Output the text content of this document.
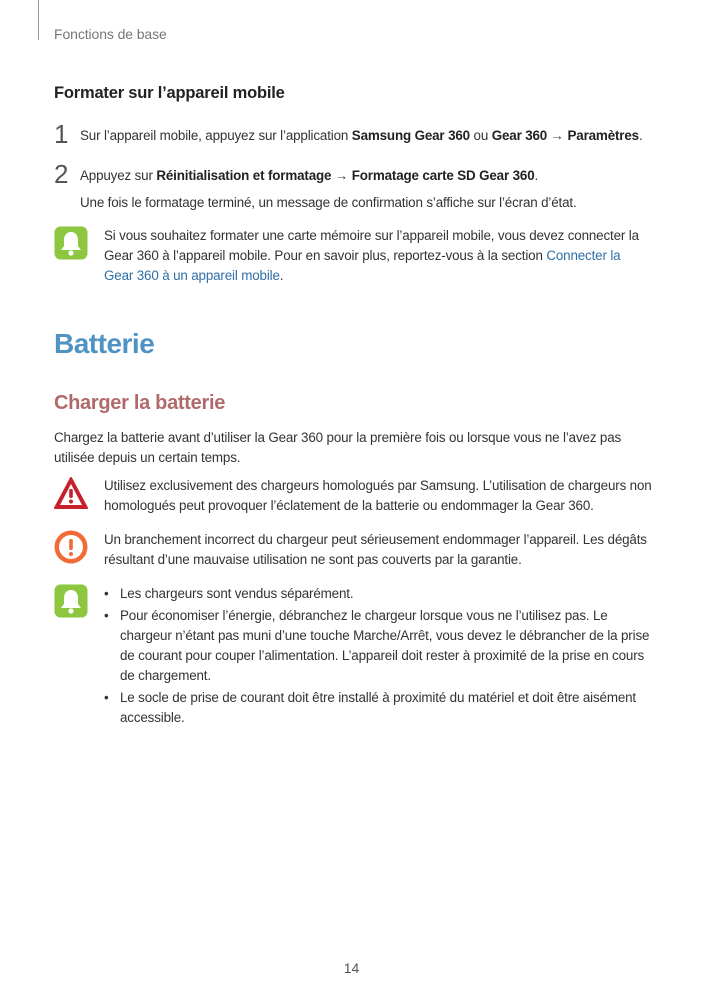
Fonctions de base
Formater sur l’appareil mobile
1 Sur l’appareil mobile, appuyez sur l’application Samsung Gear 360 ou Gear 360 → Paramètres.
2 Appuyez sur Réinitialisation et formatage → Formatage carte SD Gear 360.
Une fois le formatage terminé, un message de confirmation s’affiche sur l’écran d’état.
Si vous souhaitez formater une carte mémoire sur l’appareil mobile, vous devez connecter la Gear 360 à l’appareil mobile. Pour en savoir plus, reportez-vous à la section Connecter la Gear 360 à un appareil mobile.
Batterie
Charger la batterie
Chargez la batterie avant d’utiliser la Gear 360 pour la première fois ou lorsque vous ne l’avez pas utilisée depuis un certain temps.
Utilisez exclusivement des chargeurs homologués par Samsung. L’utilisation de chargeurs non homologués peut provoquer l’éclatement de la batterie ou endommager la Gear 360.
Un branchement incorrect du chargeur peut sérieusement endommager l’appareil. Les dégâts résultant d’une mauvaise utilisation ne sont pas couverts par la garantie.
• Les chargeurs sont vendus séparément.
• Pour économiser l’énergie, débranchez le chargeur lorsque vous ne l’utilisez pas. Le chargeur n’étant pas muni d’une touche Marche/Arrêt, vous devez le débrancher de la prise de courant pour couper l’alimentation. L’appareil doit rester à proximité de la prise en cours de chargement.
• Le socle de prise de courant doit être installé à proximité du matériel et doit être aisément accessible.
14
